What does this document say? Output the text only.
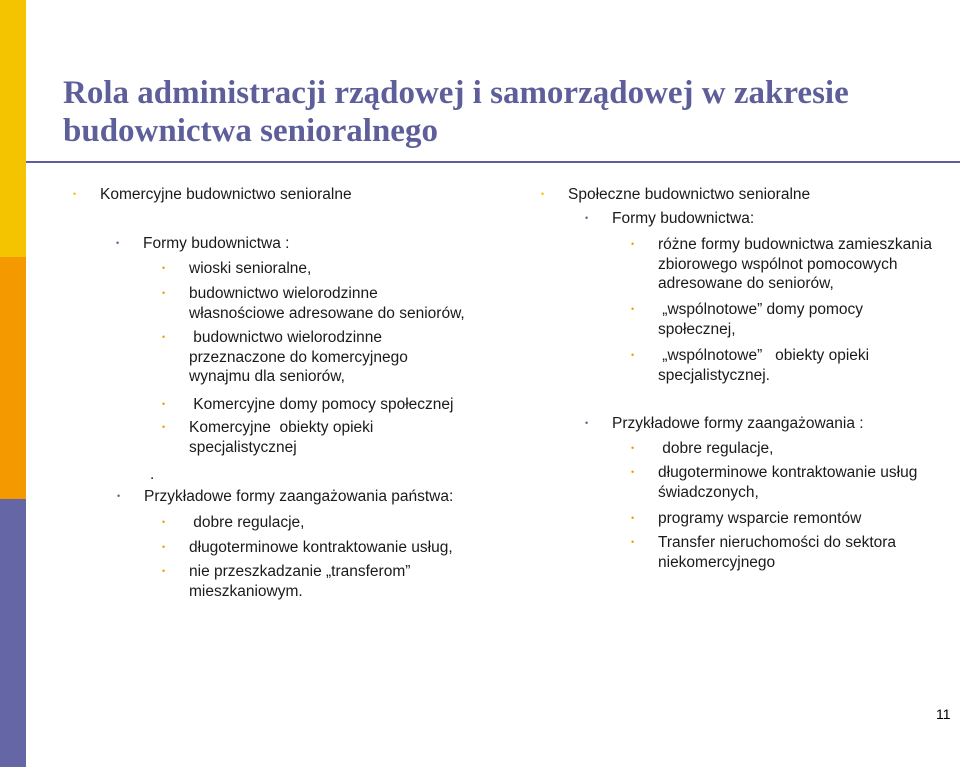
Rola administracji rządowej i samorządowej w zakresie budownictwa senioralnego
• Komercyjne budownictwo senioralne
• Formy budownictwa :
• wioski senioralne,
• budownictwo wielorodzinne
własnościowe adresowane do seniorów,
•  budownictwo wielorodzinne
przeznaczone do komercyjnego
wynajmu dla seniorów,
•  Komercyjne domy pomocy społecznej
• Komercyjne  obiekty opieki
specjalistycznej
.
• Przykładowe formy zaangażowania państwa:
•  dobre regulacje,
• długoterminowe kontraktowanie usług,
• nie przeszkadzanie „transferom”
mieszkaniowym.
• Społeczne budownictwo senioralne
• Formy budownictwa:
• różne formy budownictwa zamieszkania
zbiorowego wspólnot pomocowych
adresowane do seniorów,
•  „wspólnotowe” domy pomocy
społecznej,
•  „wspólnotowe”   obiekty opieki
specjalistycznej.
• Przykładowe formy zaangażowania :
•  dobre regulacje,
• długoterminowe kontraktowanie usług
świadczonych,
• programy wsparcie remontów
• Transfer nieruchomości do sektora
niekomercyjnego
11
